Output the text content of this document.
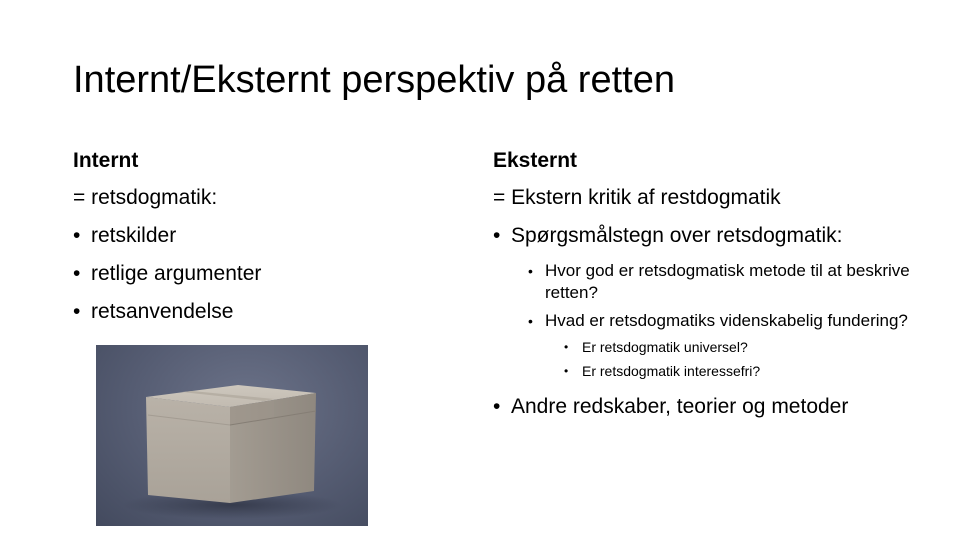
Internt/Eksternt perspektiv på retten
Internt
= retsdogmatik:
• retskilder
• retlige argumenter
• retsanvendelse
Eksternt
= Ekstern kritik af restdogmatik
• Spørgsmålstegn over retsdogmatik:
• Hvor god er retsdogmatisk metode til at beskrive retten?
• Hvad er retsdogmatiks videnskabelig fundering?
• Er retsdogmatik universel?
• Er retsdogmatik interessefri?
• Andre redskaber, teorier og metoder
